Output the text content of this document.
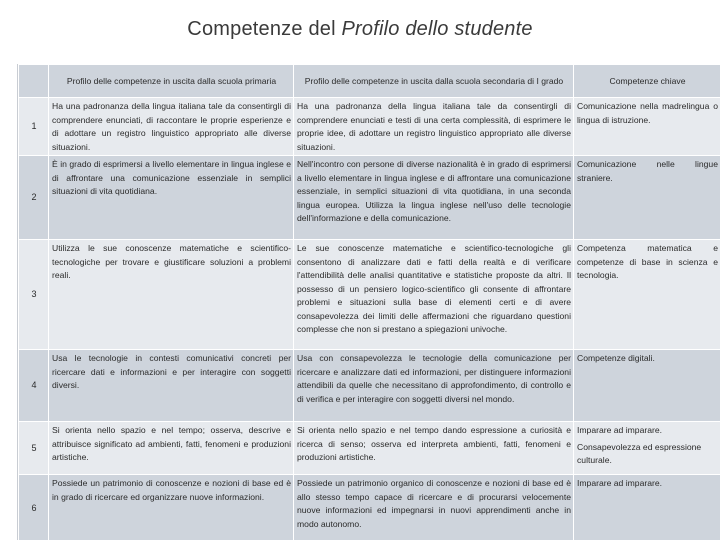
Competenze del Profilo dello studente
	Profilo delle competenze in uscita dalla scuola primaria	Profilo delle competenze in uscita dalla scuola secondaria di I grado	Competenze chiave
1	Ha una padronanza della lingua italiana tale da consentirgli di comprendere enunciati, di raccontare le proprie esperienze e di adottare un registro linguistico appropriato alle diverse situazioni.	Ha una padronanza della lingua italiana tale da consentirgli di comprendere enunciati e testi di una certa complessità, di esprimere le proprie idee, di adottare un registro linguistico appropriato alle diverse situazioni.	Comunicazione nella madrelingua o lingua di istruzione.
2	È in grado di esprimersi a livello elementare in lingua inglese e di affrontare una comunicazione essenziale in semplici situazioni di vita quotidiana.	Nell'incontro con persone di diverse nazionalità è in grado di esprimersi a livello elementare in lingua inglese e di affrontare una comunicazione essenziale, in semplici situazioni di vita quotidiana, in una seconda lingua europea. Utilizza la lingua inglese nell'uso delle tecnologie dell'informazione e della comunicazione.	Comunicazione nelle lingue straniere.
3	Utilizza le sue conoscenze matematiche e scientifico-tecnologiche per trovare e giustificare soluzioni a problemi reali.	Le sue conoscenze matematiche e scientifico-tecnologiche gli consentono di analizzare dati e fatti della realtà e di verificare l'attendibilità delle analisi quantitative e statistiche proposte da altri. Il possesso di un pensiero logico-scientifico gli consente di affrontare problemi e situazioni sulla base di elementi certi e di avere consapevolezza dei limiti delle affermazioni che riguardano questioni complesse che non si prestano a spiegazioni univoche.	Competenza matematica e competenze di base in scienza e tecnologia.
4	Usa le tecnologie in contesti comunicativi concreti per ricercare dati e informazioni e per interagire con soggetti diversi.	Usa con consapevolezza le tecnologie della comunicazione per ricercare e analizzare dati ed informazioni, per distinguere informazioni attendibili da quelle che necessitano di approfondimento, di controllo e di verifica e per interagire con soggetti diversi nel mondo.	Competenze digitali.
5	Si orienta nello spazio e nel tempo; osserva, descrive e attribuisce significato ad ambienti, fatti, fenomeni e produzioni artistiche.	Si orienta nello spazio e nel tempo dando espressione a curiosità e ricerca di senso; osserva ed interpreta ambienti, fatti, fenomeni e produzioni artistiche.	Imparare ad imparare.
Consapevolezza ed espressione culturale.

6	Possiede un patrimonio di conoscenze e nozioni di base ed è in grado di ricercare ed organizzare nuove informazioni.	Possiede un patrimonio organico di conoscenze e nozioni di base ed è allo stesso tempo capace di ricercare e di procurarsi velocemente nuove informazioni ed impegnarsi in nuovi apprendimenti anche in modo autonomo.	Imparare ad imparare.
